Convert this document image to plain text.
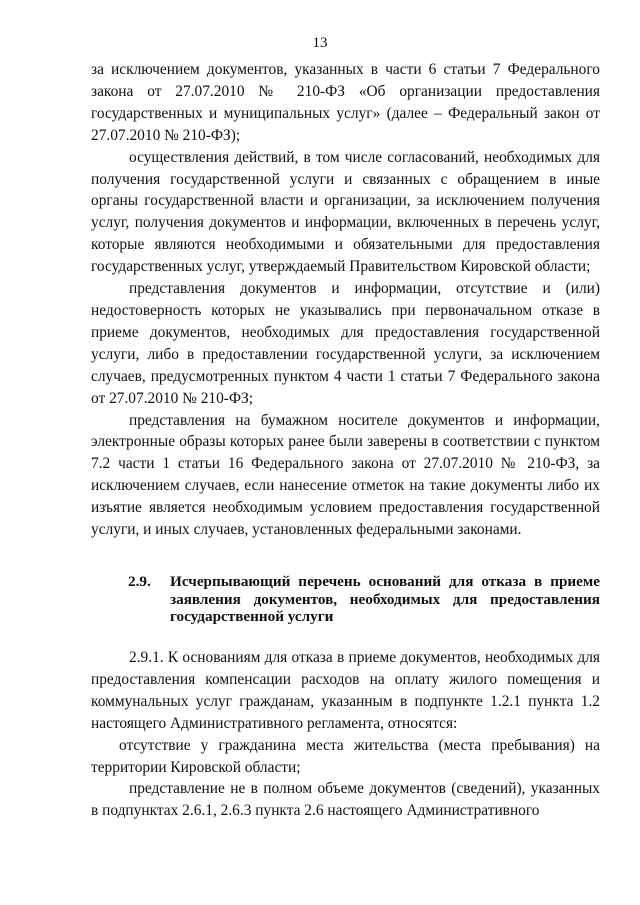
13

за исключением документов, указанных в части 6 статьи 7 Федерального закона от 27.07.2010 № 210-ФЗ «Об организации предоставления государственных и муниципальных услуг» (далее – Федеральный закон от 27.07.2010 № 210-ФЗ);

осуществления действий, в том числе согласований, необходимых для получения государственной услуги и связанных с обращением в иные органы государственной власти и организации, за исключением получения услуг, получения документов и информации, включенных в перечень услуг, которые являются необходимыми и обязательными для предоставления государственных услуг, утверждаемый Правительством Кировской области;

представления документов и информации, отсутствие и (или) недостоверность которых не указывались при первоначальном отказе в приеме документов, необходимых для предоставления государственной услуги, либо в предоставлении государственной услуги, за исключением случаев, предусмотренных пунктом 4 части 1 статьи 7 Федерального закона от 27.07.2010 № 210-ФЗ;

представления на бумажном носителе документов и информации, электронные образы которых ранее были заверены в соответствии с пунктом 7.2 части 1 статьи 16 Федерального закона от 27.07.2010 № 210-ФЗ, за исключением случаев, если нанесение отметок на такие документы либо их изъятие является необходимым условием предоставления государственной услуги, и иных случаев, установленных федеральными законами.

2.9. Исчерпывающий перечень оснований для отказа в приеме
заявления документов, необходимых для предоставления
государственной услуги

2.9.1. К основаниям для отказа в приеме документов, необходимых для предоставления компенсации расходов на оплату жилого помещения и коммунальных услуг гражданам, указанным в подпункте 1.2.1 пункта 1.2 настоящего Административного регламента, относятся:

отсутствие у гражданина места жительства (места пребывания) на территории Кировской области;

представление не в полном объеме документов (сведений), указанных в подпунктах 2.6.1, 2.6.3 пункта 2.6 настоящего Административного
